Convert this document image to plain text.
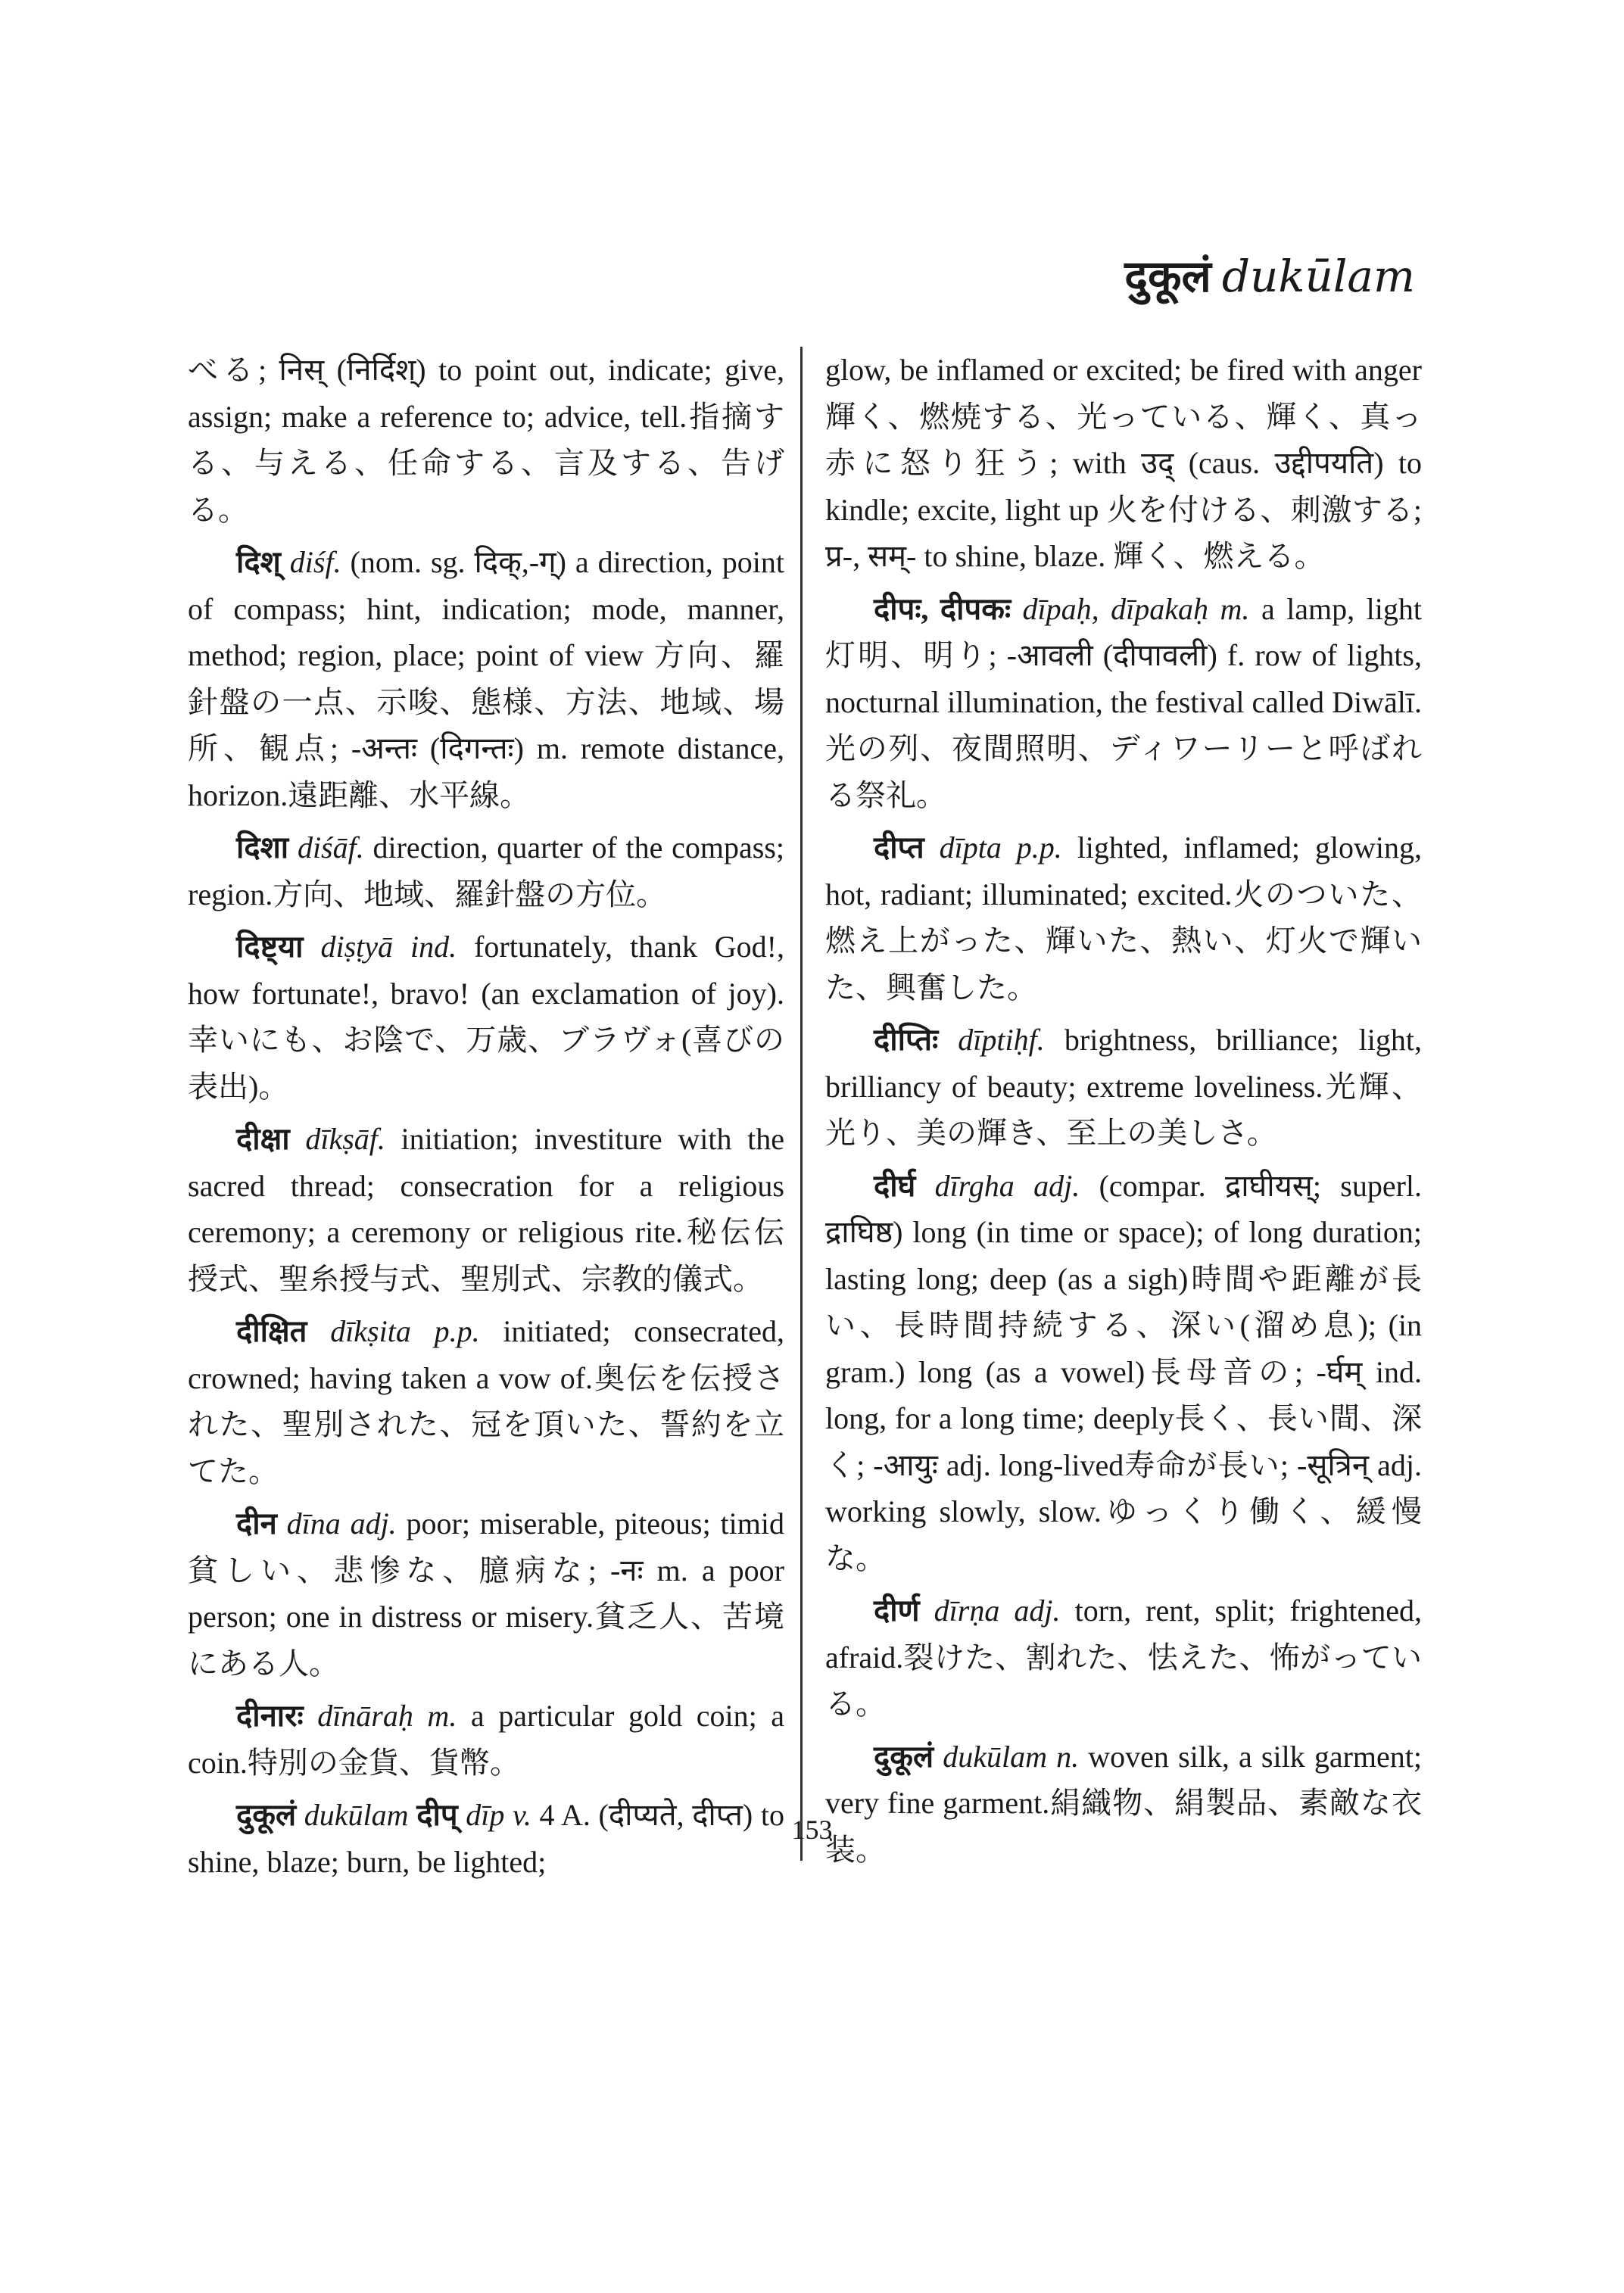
दुकूलं dukūlam

べる; निस् (निर्दिश्) to point out, indicate; give, assign; make a reference to; advice, tell.指摘する、与える、任命する、言及する、告げる。

दिश् diśf. (nom. sg. दिक्,-ग्) a direction, point of compass; hint, indication; mode, manner, method; region, place; point of view 方向、羅針盤の一点、示唆、態様、方法、地域、場所、観点; -अन्तः (दिगन्तः) m. remote distance, horizon.遠距離、水平線。

दिशा diśāf. direction, quarter of the compass; region.方向、地域、羅針盤の方位。

दिष्ट्या diṣṭyā ind. fortunately, thank God!, how fortunate!, bravo! (an exclamation of joy).幸いにも、お陰で、万歳、ブラヴォ(喜びの表出)。

दीक्षा dīkṣāf. initiation; investiture with the sacred thread; consecration for a religious ceremony; a ceremony or religious rite.秘伝伝授式、聖糸授与式、聖別式、宗教的儀式。

दीक्षित dīkṣita p.p. initiated; consecrated, crowned; having taken a vow of.奥伝を伝授された、聖別された、冠を頂いた、誓約を立てた。

दीन dīna adj. poor; miserable, piteous; timid 貧しい、悲惨な、臆病な; -नः m. a poor person; one in distress or misery.貧乏人、苦境にある人。

दीनारः dīnāraḥ m. a particular gold coin; a coin.特別の金貨、貨幣。

दुकूलं dukūlam दीप् dīp v. 4 A. (दीप्यते, दीप्त) to shine, blaze; burn, be lighted;

glow, be inflamed or excited; be fired with anger 輝く、燃焼する、光っている、輝く、真っ赤に怒り狂う; with उद् (caus. उद्दीपयति) to kindle; excite, light up 火を付ける、刺激する; प्र-, सम्- to shine, blaze. 輝く、燃える。

दीपः, दीपकः dīpaḥ, dīpakaḥ m. a lamp, light 灯明、明り; -आवली (दीपावली) f. row of lights, nocturnal illumination, the festival called Diwālī.光の列、夜間照明、ディワーリーと呼ばれる祭礼。

दीप्त dīpta p.p. lighted, inflamed; glowing, hot, radiant; illuminated; excited.火のついた、燃え上がった、輝いた、熱い、灯火で輝いた、興奮した。

दीप्तिः dīptiḥf. brightness, brilliance; light, brilliancy of beauty; extreme loveliness.光輝、光り、美の輝き、至上の美しさ。

दीर्घ dīrgha adj. (compar. द्राघीयस्; superl. द्राघिष्ठ) long (in time or space); of long duration; lasting long; deep (as a sigh)時間や距離が長い、長時間持続する、深い(溜め息); (in gram.) long (as a vowel)長母音の; -र्घम् ind. long, for a long time; deeply長く、長い間、深く; -आयुः adj. long-lived寿命が長い; -सूत्रिन् adj. working slowly, slow.ゆっくり働く、緩慢な。

दीर्ण dīrṇa adj. torn, rent, split; frightened, afraid.裂けた、割れた、怯えた、怖がっている。

दुकूलं dukūlam n. woven silk, a silk garment; very fine garment.絹織物、絹製品、素敵な衣装。

153
